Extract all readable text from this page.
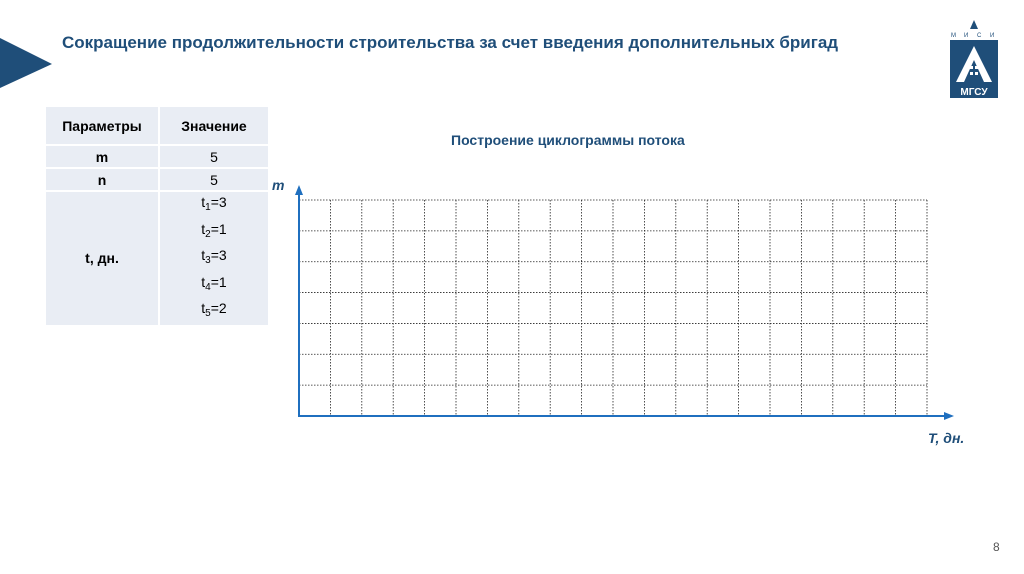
Сокращение продолжительности строительства за счет введения дополнительных бригад	М И С И
МГСУ
Параметры	Значение
m	5
n	5
t, дн.	$t_1=3$
$t_2=1$
$t_3=3$
$t_4=1$
$t_5=2$
Построение циклограммы потока
m
T, дн.
8
